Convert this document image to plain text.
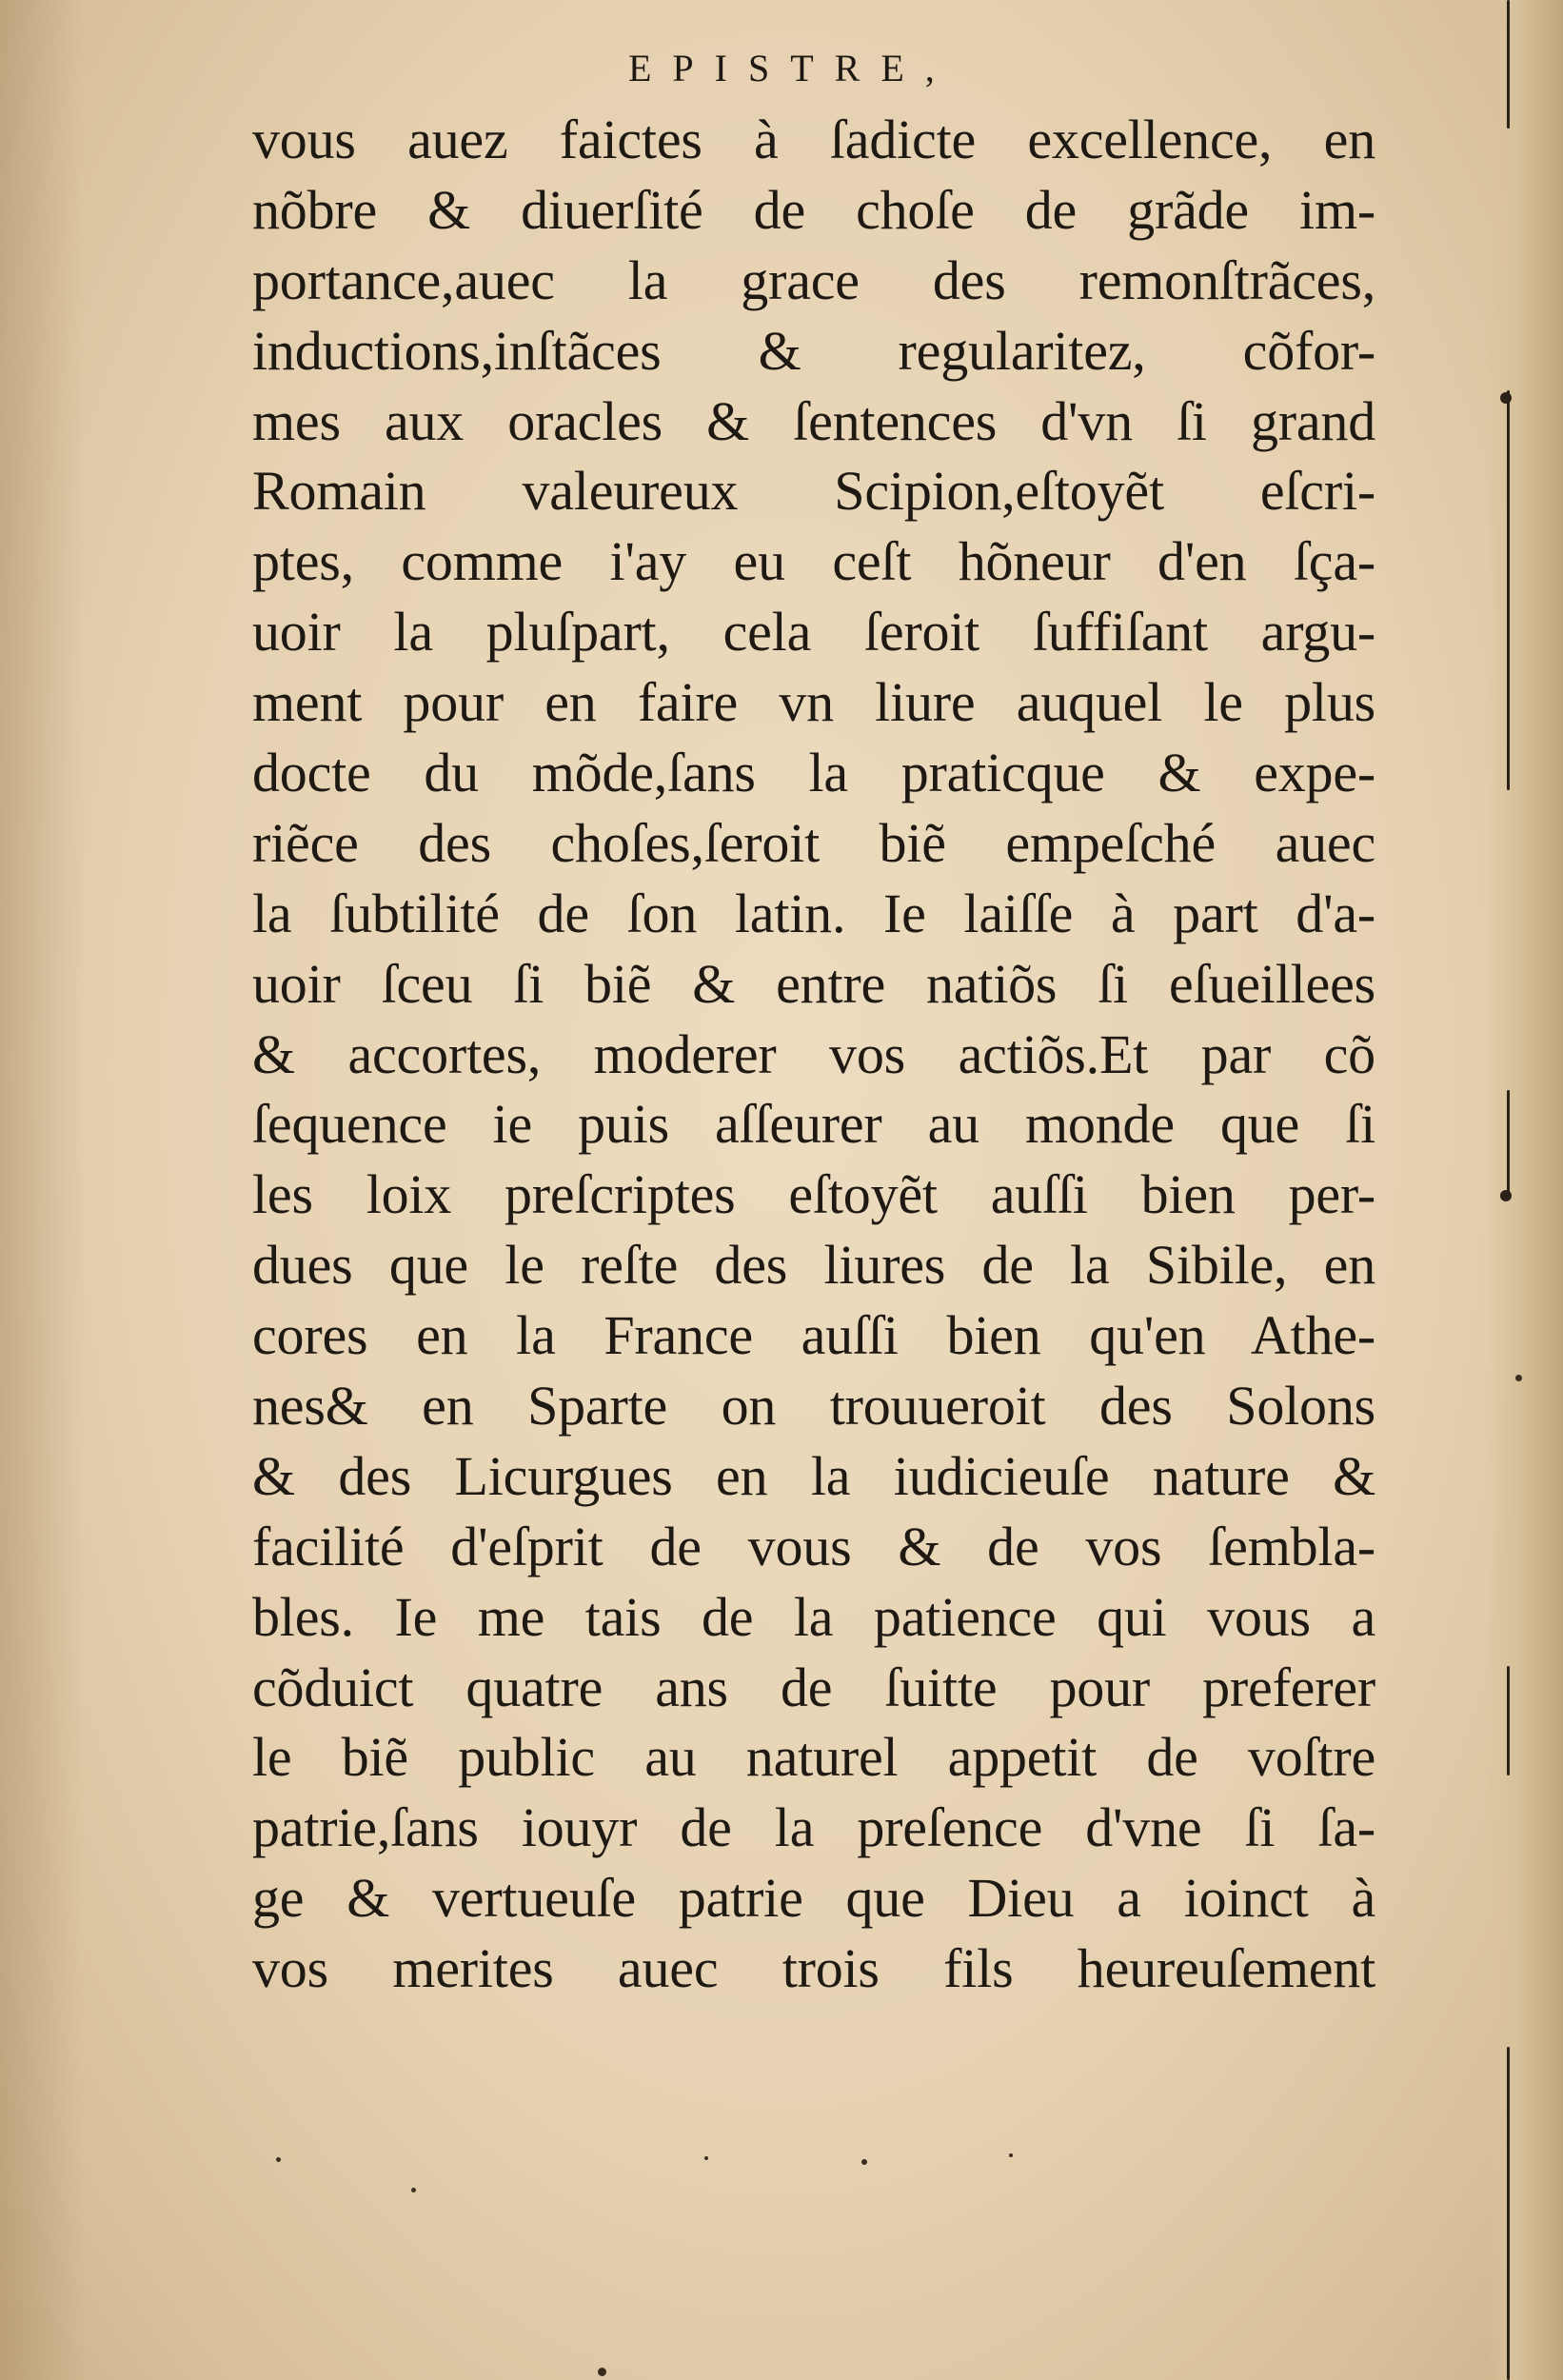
EPISTRE,
vous auez faictes à ſadicte excellence, en
nõbre & diuerſité de choſe de grãde im-
portance,auec la grace des remonſtrãces,
inductions,inſtãces & regularitez, cõfor-
mes aux oracles & ſentences d'vn ſi grand
Romain valeureux Scipion,eſtoyẽt eſcri-
ptes, comme i'ay eu ceſt hõneur d'en ſça-
uoir la pluſpart, cela ſeroit ſuffiſant argu-
ment pour en faire vn liure auquel le plus
docte du mõde,ſans la praticque & expe-
riẽce des choſes,ſeroit biẽ empeſché auec
la ſubtilité de ſon latin. Ie laiſſe à part d'a-
uoir ſceu ſi biẽ & entre natiõs ſi eſueillees
& accortes, moderer vos actiõs.Et par cõ
ſequence ie puis aſſeurer au monde que ſi
les loix preſcriptes eſtoyẽt auſſi bien per-
dues que le reſte des liures de la Sibile, en
cores en la France auſſi bien qu'en Athe-
nes& en Sparte on trouueroit des Solons
& des Licurgues en la iudicieuſe nature &
facilité d'eſprit de vous & de vos ſembla-
bles. Ie me tais de la patience qui vous a
cõduict quatre ans de ſuitte pour preferer
le biẽ public au naturel appetit de voſtre
patrie,ſans iouyr de la preſence d'vne ſi ſa-
ge & vertueuſe patrie que Dieu a ioinct à
vos merites auec trois fils heureuſement
